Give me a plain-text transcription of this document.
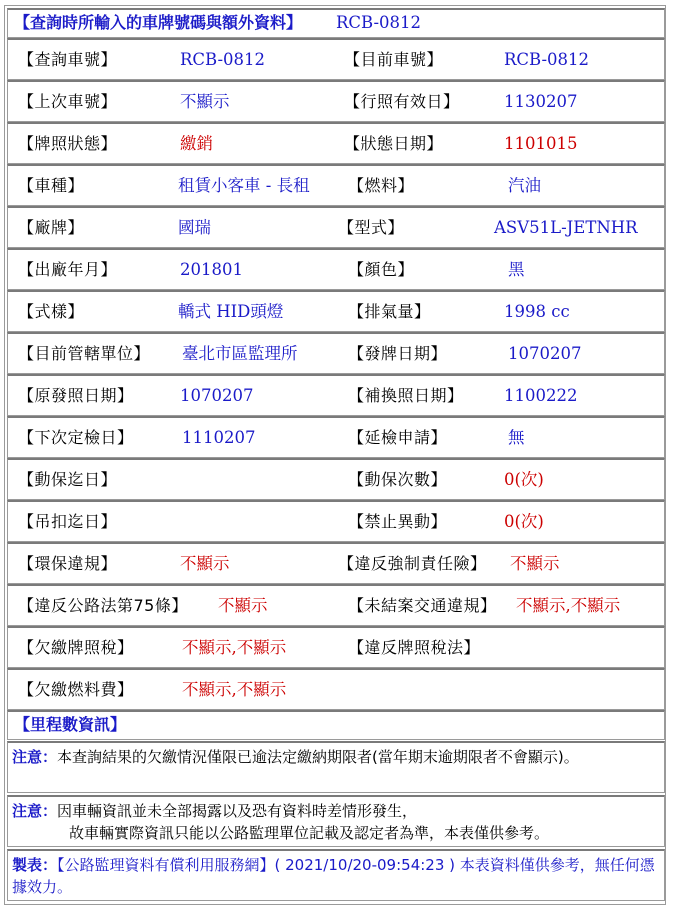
【查詢時所輸入的車牌號碼與額外資料】 RCB-0812
【查詢車號】	RCB-0812	【目前車號】	RCB-0812
【上次車號】	不顯示	【行照有效日】	1130207
【牌照狀態】	繳銷	【狀態日期】	1101015
【車種】	租賃小客車 - 長租 【燃料】	汽油
【廠牌】	國瑞	【型式】	ASV51L-JETNHR
【出廠年月】	201801	【顏色】	黑
【式樣】	轎式 HID頭燈	【排氣量】	1998 cc
【目前管轄單位】 臺北市區監理所	【發牌日期】	1070207
【原發照日期】	1070207	【補換照日期】 1100222
【下次定檢日】	1110207	【延檢申請】	無
【動保迄日】	【動保次數】	0(次)
【吊扣迄日】	【禁止異動】	0(次)
【環保違規】	不顯示	【違反強制責任險】 不顯示
【違反公路法第75條】 不顯示	【未結案交通違規】 不顯示,不顯示
【欠繳牌照稅】	不顯示,不顯示	【違反牌照稅法】
【欠繳燃料費】	不顯示,不顯示
【里程數資訊】
注意：本查詢結果的欠繳情況僅限已逾法定繳納期限者(當年期末逾期限者不會顯示)。
注意：因車輛資訊並未全部揭露以及恐有資料時差情形發生，
故車輛實際資訊只能以公路監理單位記載及認定者為準，本表僅供參考。
製表：【公路監理資料有償利用服務網】( 2021/10/20-09:54:23 ) 本表資料僅供參考，無任何憑據效力。
